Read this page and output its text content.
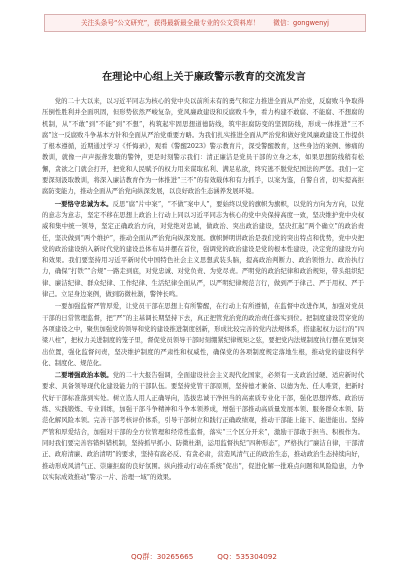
关注头条号“公文研究”，获得最新最全最专业的公文资料库！ 微信：gongwenyj
在理论中心组上关于廉政警示教育的交流发言

党的二十大以来，以习近平同志为核心的党中央以前所未有的勇气和定力推进全面从严治党，反腐败斗争取得压倒性胜利并全面巩固，但形势依然严峻复杂，党风廉政建设和反腐败斗争，看力构建不敢腐、不能腐、不想腐的机制，从“不敢”到“不能”到“不想”，构筑起牢固思想道德防线，筑牢拒腐防变的坚固防线，形成一体推进“三不腐”这一反腐败斗争基本方针和全面从严治党重要方略。为我们扎实推进全面从严治党和做好党风廉政建设工作提供了根本遵循，近期通过学习《忏悔录》，观看《警醒2023》警示教育片，深受警醒教育，这些身边的案例、惨痛的教训，就像一声声振聋发聩的警钟，更是时刻警示我们：清正廉洁是党员干部的立身之本，如果思想防线稍有松懈，贪欲之门就会打开，把党和人民赋予的权力用来谋取私利、满足私欲，终究逃不脱党纪国法的严惩。我们一定要深刻汲取教训，将深入廉洁教育作为一体推进“三不”的有效载体和有力抓手，以案为鉴，自警自省，切实提高拒腐防变能力，推动全面从严治党向纵深发展，以良好政治生态涵养发展环境。

一要恪守忠诚为本。反思“腐”片中案”，“不做”案中人”，要始终以党的旗帜为旗帜，以党的方向为方向，以党的意志为意志，坚定不移在思想上政治上行动上同以习近平同志为核心的党中央保持高度一致，坚决维护党中央权威和集中统一领导，坚定正确政治方向，对党绝对忠诚，做政治、突出政治建设，坚决扛起“两个确立”的政治责任，坚决做到“两个维护”，推动全面从严治党向纵深发展。旗帜鲜明讲政治是我们党的突出特点和优势，党中央把党的政治建设纳入新时代党的建设总体布局并摆在首位，强调党的政治建设是党的根本性建设，决定党的建设方向和效果。我们要坚持用习近平新时代中国特色社会主义思想武装头脑，提高政治判断力、政治领悟力、政治执行力，确保“打铁”“合规”一路走到底，对党忠诚、对党负责、为党尽责。严明党的政治纪律和政治规矩，带头组织纪律、廉洁纪律、群众纪律、工作纪律、生活纪律全面从严，以严明纪律规范言行，做到严于律己、严于用权、严于律己。立足身边案例，做到防微杜渐，警钟长鸣。

一要加强监督严管厚爱，让党员干部在思想上有所警醒，在行动上有所遵循，在监督中改进作风，加强对党员干部的日常管理监督，把“严”的主基调长期坚持下去，真正把管党治党的政治责任落实到位。把制度建设贯穿党的各项建设之中，聚焦加强党的领导和党的建设推进制度创新，形成比较完善的党内法规体系，搭建起权力运行的“四梁八柱”，把权力关进制度的笼子里，督促党员领导干部时刻绷紧纪律规矩之弦，要把党内法规制度执行摆在更加突出位置，强化监督问责，坚决维护制度的严肃性和权威性，确保党的各项制度规定落地生根，推动党的建设科学化、制度化、规范化。

二要增强政治本领。党的二十大报告强调，全面建设社会主义现代化国家，必须有一支政治过硬、适应新时代要求、具备领导现代化建设能力的干部队伍。要坚持党管干部原则，坚持德才兼备、以德为先、任人唯贤，把新时代好干部标准落到实处。树立选人用人正确导向，选拔忠诚干净担当的高素质专业化干部，强化思想淬炼、政治历练、实践锻炼、专业训练，加强干部斗争精神和斗争本领养成，增强干部推动高质量发展本领、服务群众本领、防范化解风险本领。完善干部考核评价体系，引导干部树立和践行正确政绩观，推动干部能上能下、能进能出。坚持严管和厚爱结合，加强对干部的全方位管理和经常性监督，落实“三个区分开来”，激励干部敢于担当、积极作为。同时我们要完善容错纠错机制，坚持抓早抓小、防微杜渐，运用监督执纪“四种形态”，严格执行“廉洁自律，干部清正、政府清廉、政治清明”的要求，坚持有腐必反、有贪必肃，营造风清气正的政治生态，推动政治生态持续向好，推动形成风清气正、崇廉拒腐的良好氛围。纵向推动行动在系统“促出”，促进化解一批难点问题和风险隐患，力争以实际成效推动“警示一片、治理一域”的效果。

QQ群：30265665	QQ：535304092
